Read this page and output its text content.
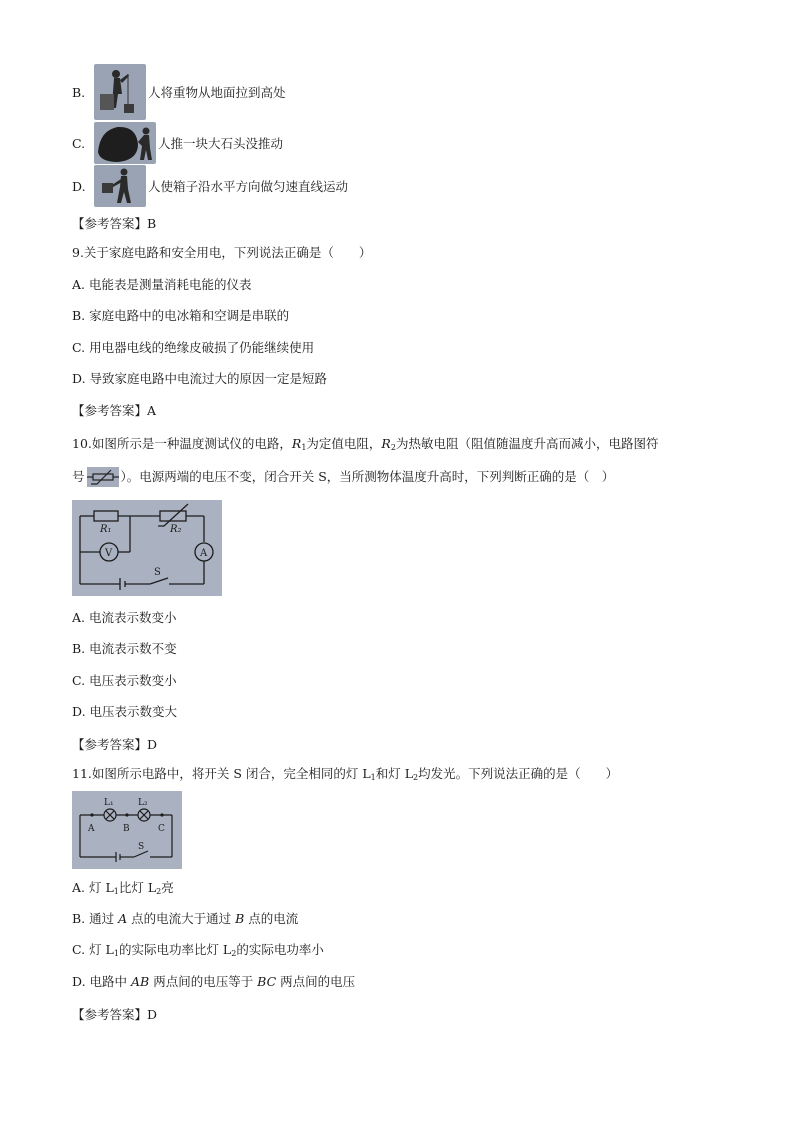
B.	人将重物从地面拉到高处
C.	人推一块大石头没推动
D.	人使箱子沿水平方向做匀速直线运动
【参考答案】B
9.关于家庭电路和安全用电，下列说法正确是（　　）
A. 电能表是测量消耗电能的仪表
B. 家庭电路中的电冰箱和空调是串联的
C. 用电器电线的绝缘皮破损了仍能继续使用
D. 导致家庭电路中电流过大的原因一定是短路
【参考答案】A
10.如图所示是一种温度测试仪的电路，$R_1$为定值电阻，$R_2$为热敏电阻（阻值随温度升高而减小，电路图符
号	）。电源两端的电压不变，闭合开关 S，当所测物体温度升高时，下列判断正确的是（　）
R₁	R₂
V	A
S
A. 电流表示数变小
B. 电流表示数不变
C. 电压表示数变小
D. 电压表示数变大
【参考答案】D
11.如图所示电路中，将开关 S 闭合，完全相同的灯 $L_1$和灯 $L_2$均发光。下列说法正确的是（　　）
L₁	L₂
A	B	C
S
A. 灯 $L_1$比灯 $L_2$亮
B. 通过 A 点的电流大于通过 B 点的电流
C. 灯 $L_1$的实际电功率比灯 $L_2$的实际电功率小
D. 电路中 AB 两点间的电压等于 BC 两点间的电压
【参考答案】D
